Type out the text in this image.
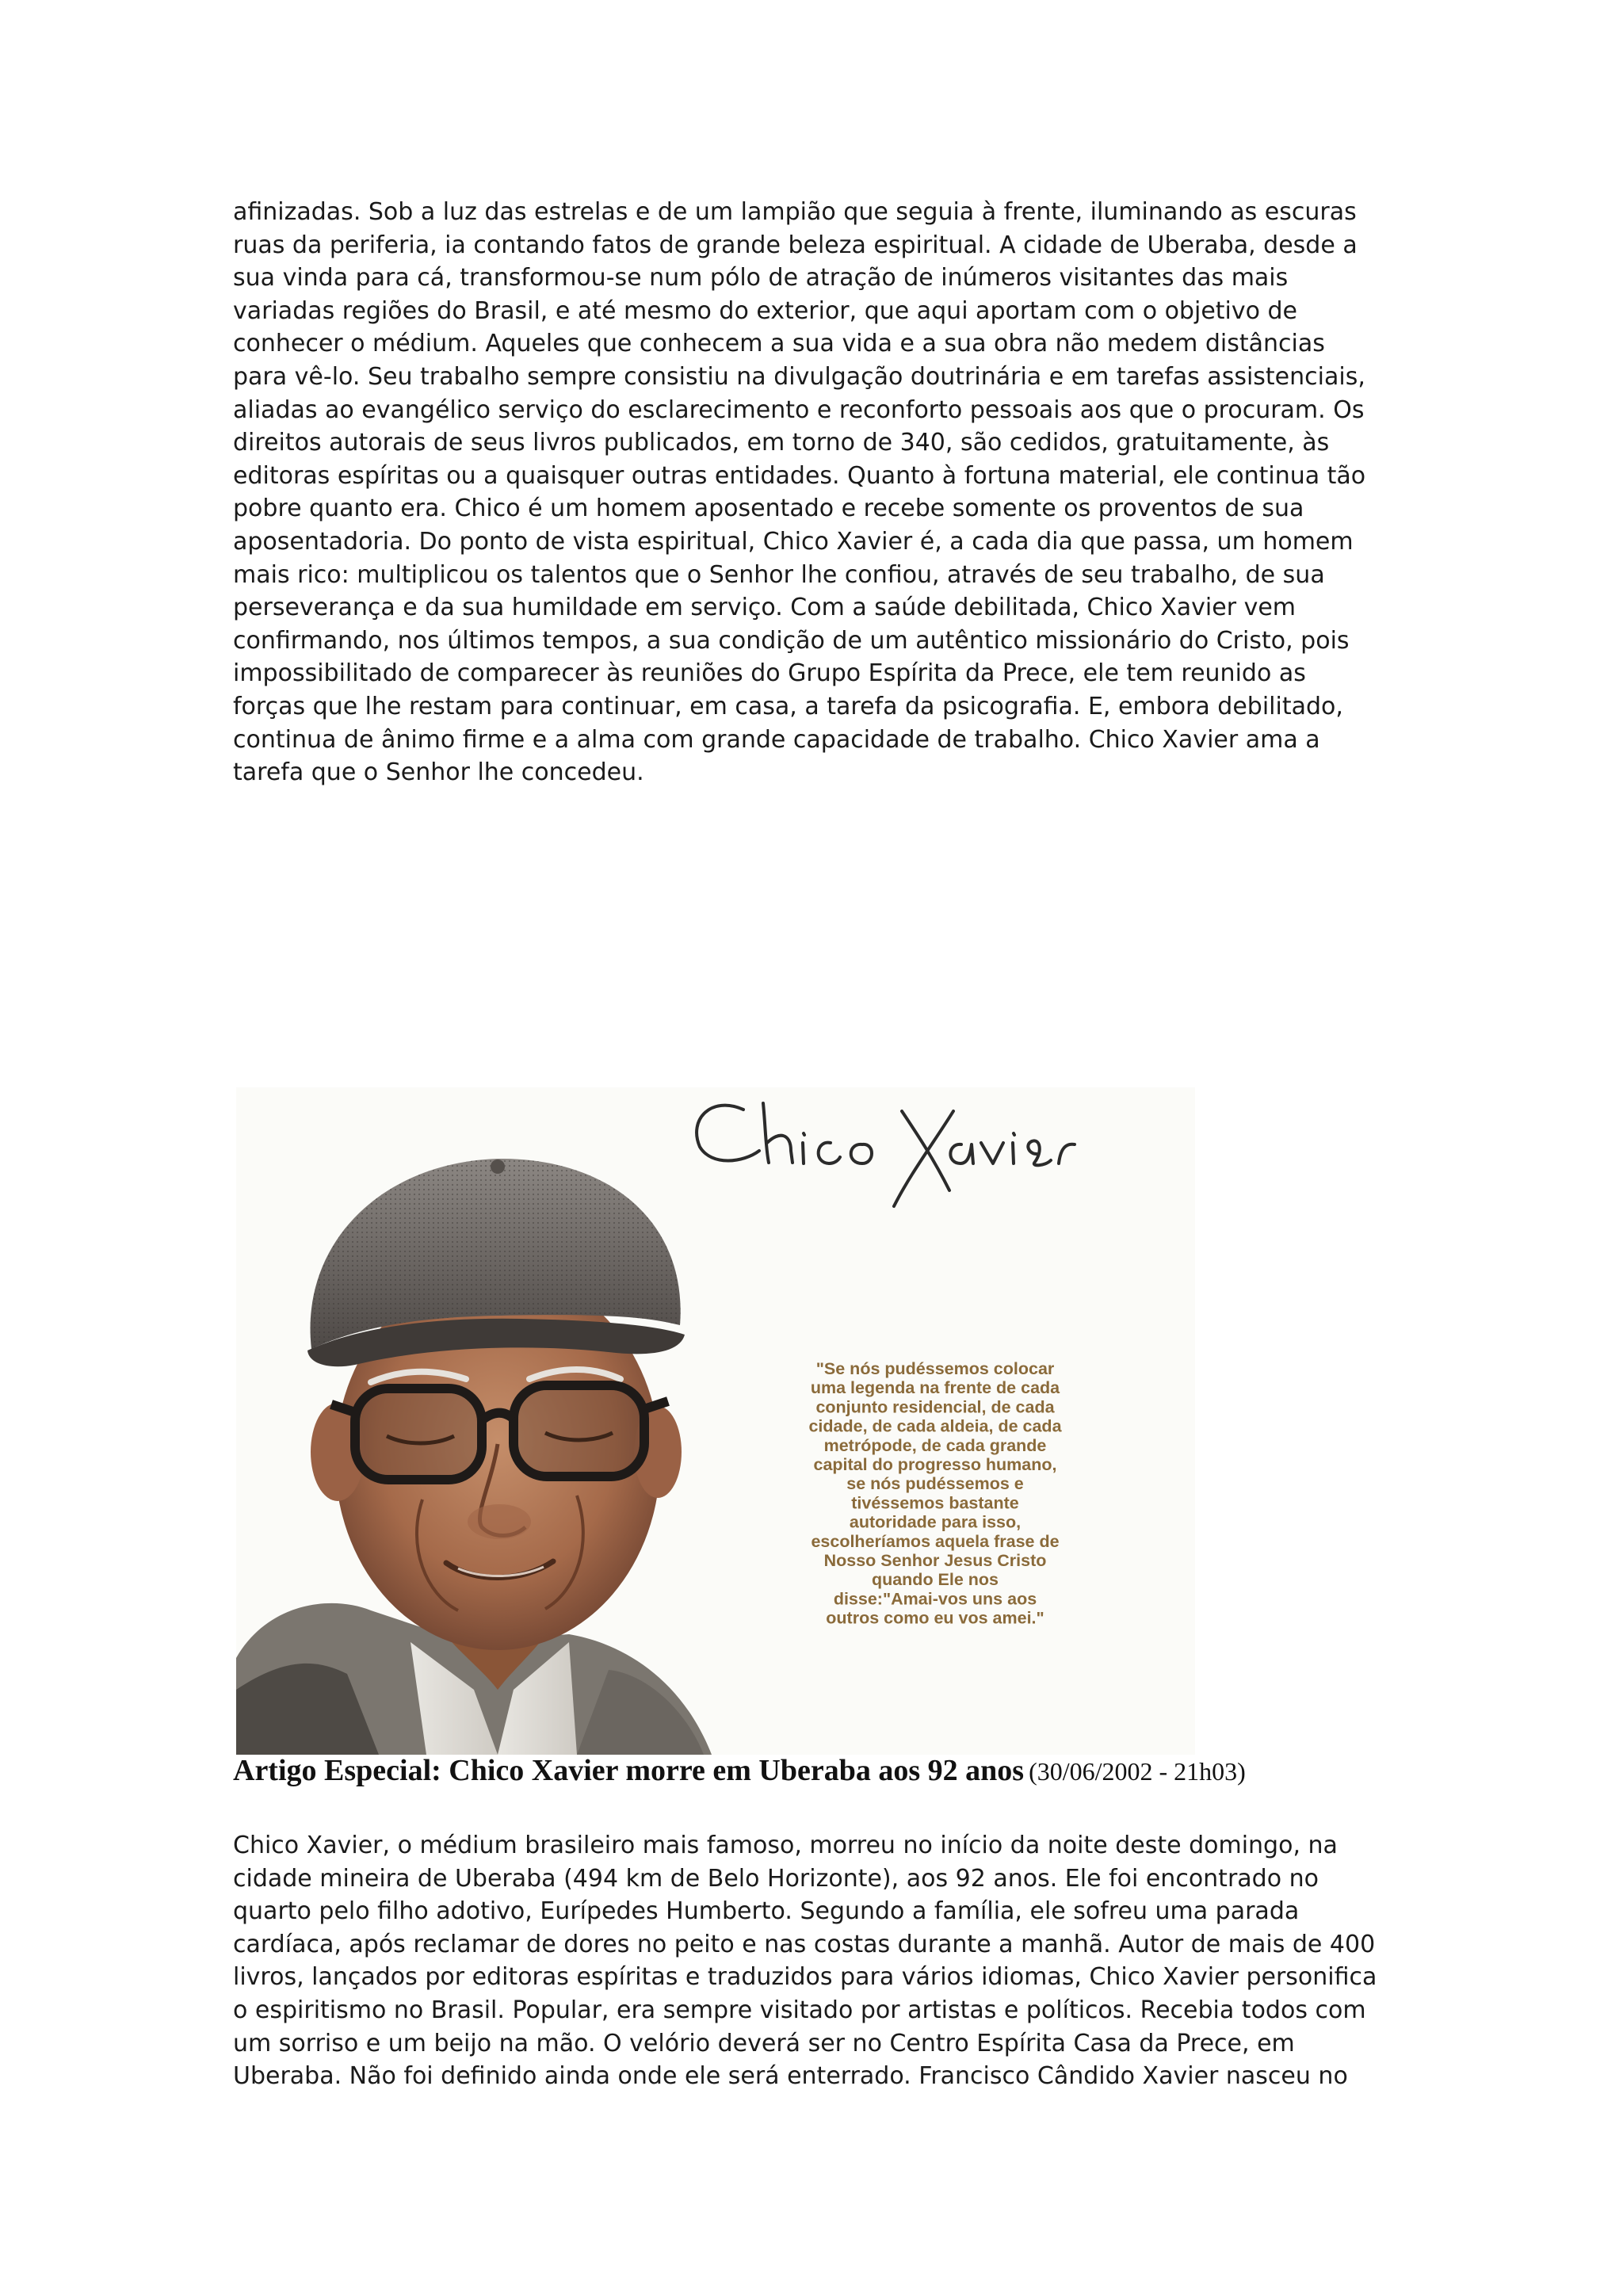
afinizadas. Sob a luz das estrelas e de um lampião que seguia à frente, iluminando as escuras
ruas da periferia, ia contando fatos de grande beleza espiritual. A cidade de Uberaba, desde a
sua vinda para cá, transformou-se num pólo de atração de inúmeros visitantes das mais
variadas regiões do Brasil, e até mesmo do exterior, que aqui aportam com o objetivo de
conhecer o médium. Aqueles que conhecem a sua vida e a sua obra não medem distâncias
para vê-lo. Seu trabalho sempre consistiu na divulgação doutrinária e em tarefas assistenciais,
aliadas ao evangélico serviço do esclarecimento e reconforto pessoais aos que o procuram. Os
direitos autorais de seus livros publicados, em torno de 340, são cedidos, gratuitamente, às
editoras espíritas ou a quaisquer outras entidades. Quanto à fortuna material, ele continua tão
pobre quanto era. Chico é um homem aposentado e recebe somente os proventos de sua
aposentadoria. Do ponto de vista espiritual, Chico Xavier é, a cada dia que passa, um homem
mais rico: multiplicou os talentos que o Senhor lhe confiou, através de seu trabalho, de sua
perseverança e da sua humildade em serviço. Com a saúde debilitada, Chico Xavier vem
confirmando, nos últimos tempos, a sua condição de um autêntico missionário do Cristo, pois
impossibilitado de comparecer às reuniões do Grupo Espírita da Prece, ele tem reunido as
forças que lhe restam para continuar, em casa, a tarefa da psicografia. E, embora debilitado,
continua de ânimo firme e a alma com grande capacidade de trabalho. Chico Xavier ama a
tarefa que o Senhor lhe concedeu.

"Se nós pudéssemos colocar
uma legenda na frente de cada
conjunto residencial, de cada
cidade, de cada aldeia, de cada
metrópode, de cada grande
capital do progresso humano,
se nós pudéssemos e
tivéssemos bastante
autoridade para isso,
escolheríamos aquela frase de
Nosso Senhor Jesus Cristo
quando Ele nos
disse:"Amai-vos uns aos
outros como eu vos amei."
Artigo Especial: Chico Xavier morre em Uberaba aos 92 anos (30/06/2002 - 21h03)

Chico Xavier, o médium brasileiro mais famoso, morreu no início da noite deste domingo, na
cidade mineira de Uberaba (494 km de Belo Horizonte), aos 92 anos. Ele foi encontrado no
quarto pelo filho adotivo, Eurípedes Humberto. Segundo a família, ele sofreu uma parada
cardíaca, após reclamar de dores no peito e nas costas durante a manhã. Autor de mais de 400
livros, lançados por editoras espíritas e traduzidos para vários idiomas, Chico Xavier personifica
o espiritismo no Brasil. Popular, era sempre visitado por artistas e políticos. Recebia todos com
um sorriso e um beijo na mão. O velório deverá ser no Centro Espírita Casa da Prece, em
Uberaba. Não foi definido ainda onde ele será enterrado. Francisco Cândido Xavier nasceu no
